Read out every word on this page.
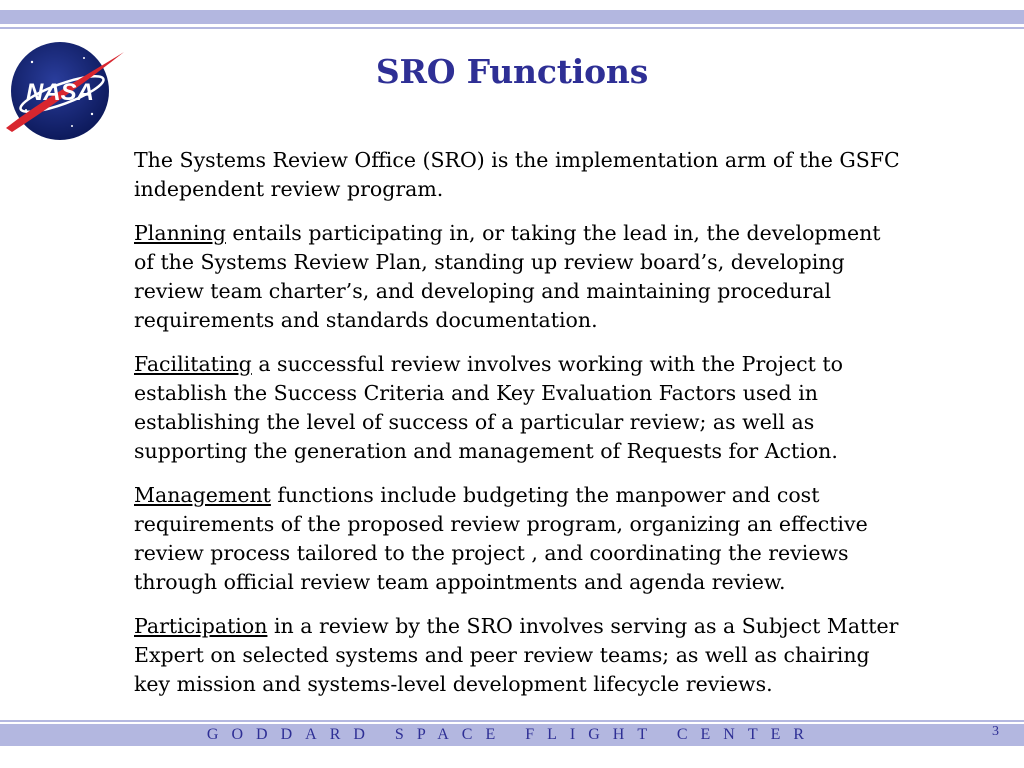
NASA
SRO Functions

The Systems Review Office (SRO) is the implementation arm of the GSFC independent review program.

Planning entails participating in, or taking the lead in, the development of the Systems Review Plan, standing up review board’s, developing review team charter’s, and developing and maintaining procedural requirements and standards documentation.

Facilitating a successful review involves working with the Project to establish the Success Criteria and Key Evaluation Factors used in establishing the level of success of a particular review; as well as supporting the generation and management of Requests for Action.

Management functions include budgeting the manpower and cost requirements of the proposed review program, organizing an effective review process tailored to the project , and coordinating the reviews through official review team appointments and agenda review.

Participation in a review by the SRO involves serving as a Subject Matter Expert on selected systems and peer review teams; as well as chairing key mission and systems-level development lifecycle reviews.

GODDARD SPACE FLIGHT CENTER	3
